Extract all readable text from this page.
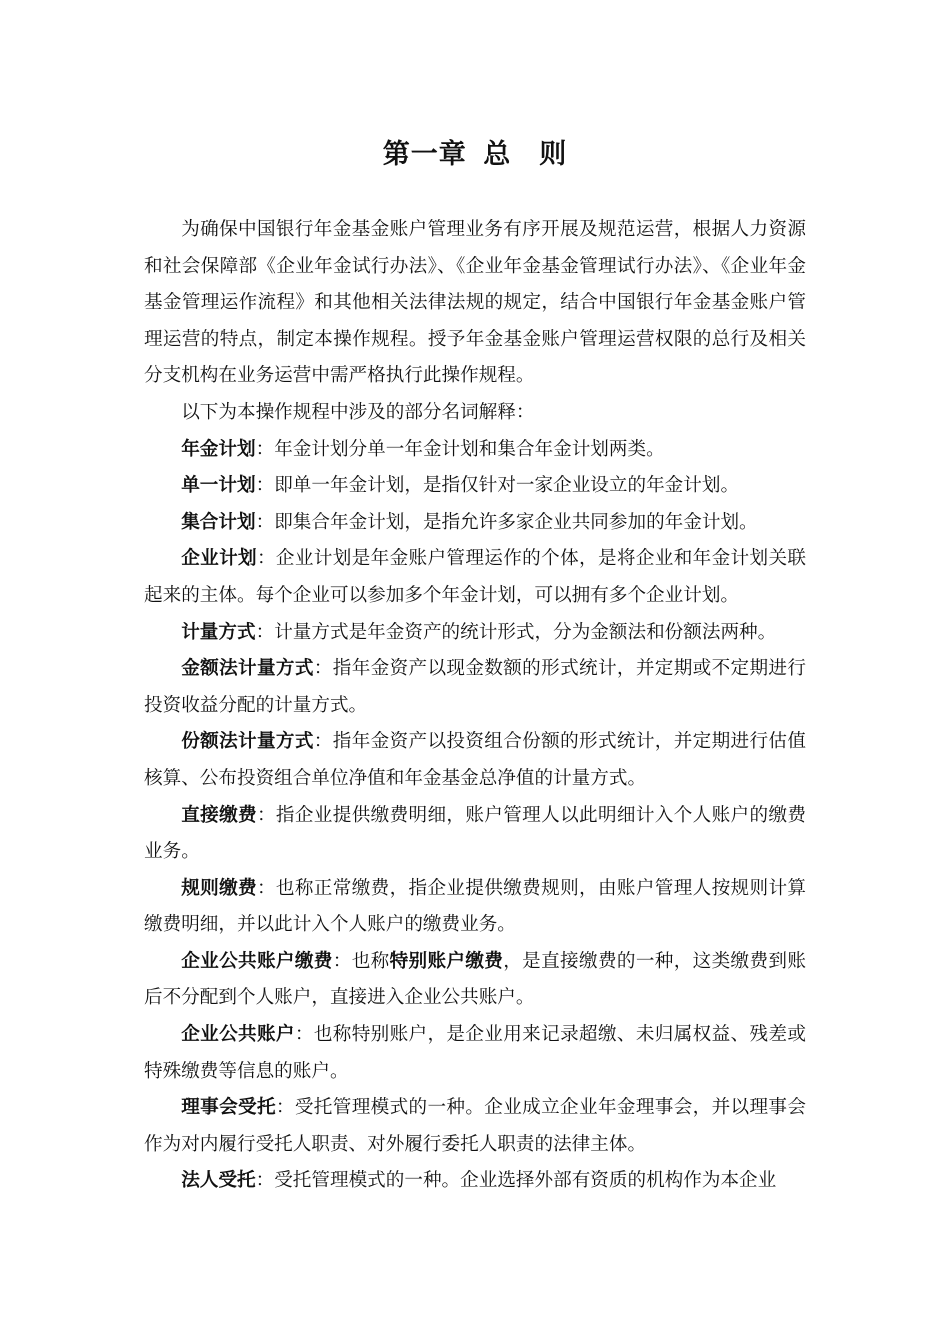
第一章 总 则

为确保中国银行年金基金账户管理业务有序开展及规范运营，根据人力资源和社会保障部《企业年金试行办法》、《企业年金基金管理试行办法》、《企业年金基金管理运作流程》和其他相关法律法规的规定，结合中国银行年金基金账户管理运营的特点，制定本操作规程。授予年金基金账户管理运营权限的总行及相关分支机构在业务运营中需严格执行此操作规程。

以下为本操作规程中涉及的部分名词解释：

年金计划：年金计划分单一年金计划和集合年金计划两类。

单一计划：即单一年金计划，是指仅针对一家企业设立的年金计划。

集合计划：即集合年金计划，是指允许多家企业共同参加的年金计划。

企业计划：企业计划是年金账户管理运作的个体，是将企业和年金计划关联起来的主体。每个企业可以参加多个年金计划，可以拥有多个企业计划。

计量方式：计量方式是年金资产的统计形式，分为金额法和份额法两种。

金额法计量方式：指年金资产以现金数额的形式统计，并定期或不定期进行投资收益分配的计量方式。

份额法计量方式：指年金资产以投资组合份额的形式统计，并定期进行估值核算、公布投资组合单位净值和年金基金总净值的计量方式。

直接缴费：指企业提供缴费明细，账户管理人以此明细计入个人账户的缴费业务。

规则缴费：也称正常缴费，指企业提供缴费规则，由账户管理人按规则计算缴费明细，并以此计入个人账户的缴费业务。

企业公共账户缴费：也称特别账户缴费，是直接缴费的一种，这类缴费到账后不分配到个人账户，直接进入企业公共账户。

企业公共账户：也称特别账户，是企业用来记录超缴、未归属权益、残差或特殊缴费等信息的账户。

理事会受托：受托管理模式的一种。企业成立企业年金理事会，并以理事会作为对内履行受托人职责、对外履行委托人职责的法律主体。

法人受托：受托管理模式的一种。企业选择外部有资质的机构作为本企业
